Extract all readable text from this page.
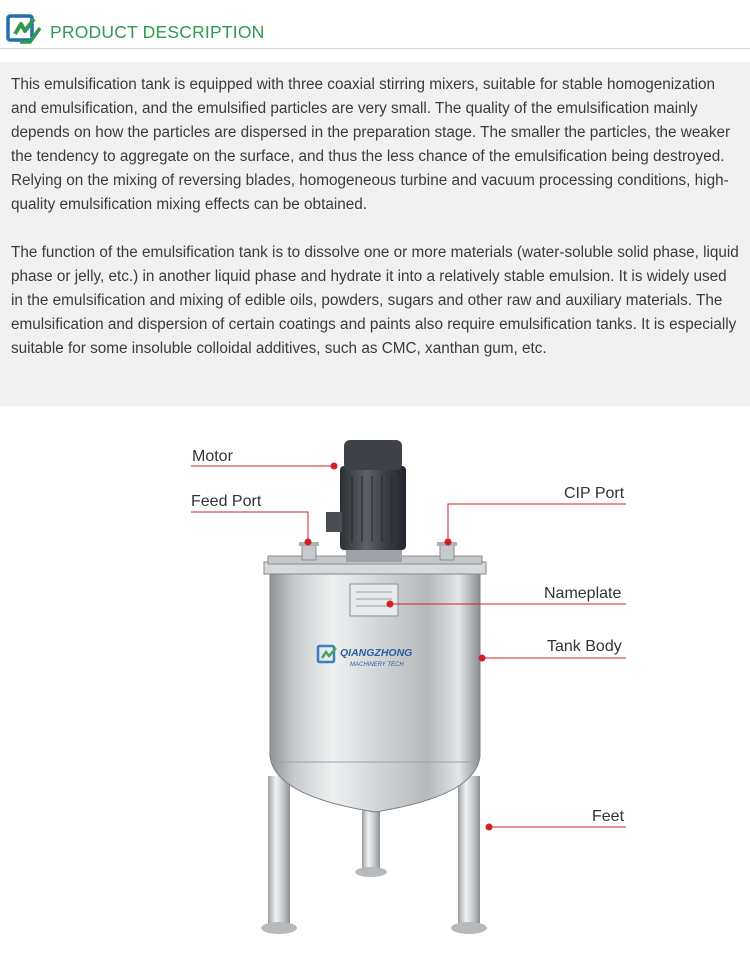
PRODUCT DESCRIPTION

This emulsification tank is equipped with three coaxial stirring mixers, suitable for stable homogenization and emulsification, and the emulsified particles are very small. The quality of the emulsification mainly depends on how the particles are dispersed in the preparation stage. The smaller the particles, the weaker the tendency to aggregate on the surface, and thus the less chance of the emulsification being destroyed. Relying on the mixing of reversing blades, homogeneous turbine and vacuum processing conditions, high-quality emulsification mixing effects can be obtained.

The function of the emulsification tank is to dissolve one or more materials (water-soluble solid phase, liquid phase or jelly, etc.) in another liquid phase and hydrate it into a relatively stable emulsion. It is widely used in the emulsification and mixing of edible oils, powders, sugars and other raw and auxiliary materials. The emulsification and dispersion of certain coatings and paints also require emulsification tanks. It is especially suitable for some insoluble colloidal additives, such as CMC, xanthan gum, etc.

QIANGZHONG
MACHINERY TECH
Motor
Feed Port	CIP Port
Nameplate
Tank Body
Feet
